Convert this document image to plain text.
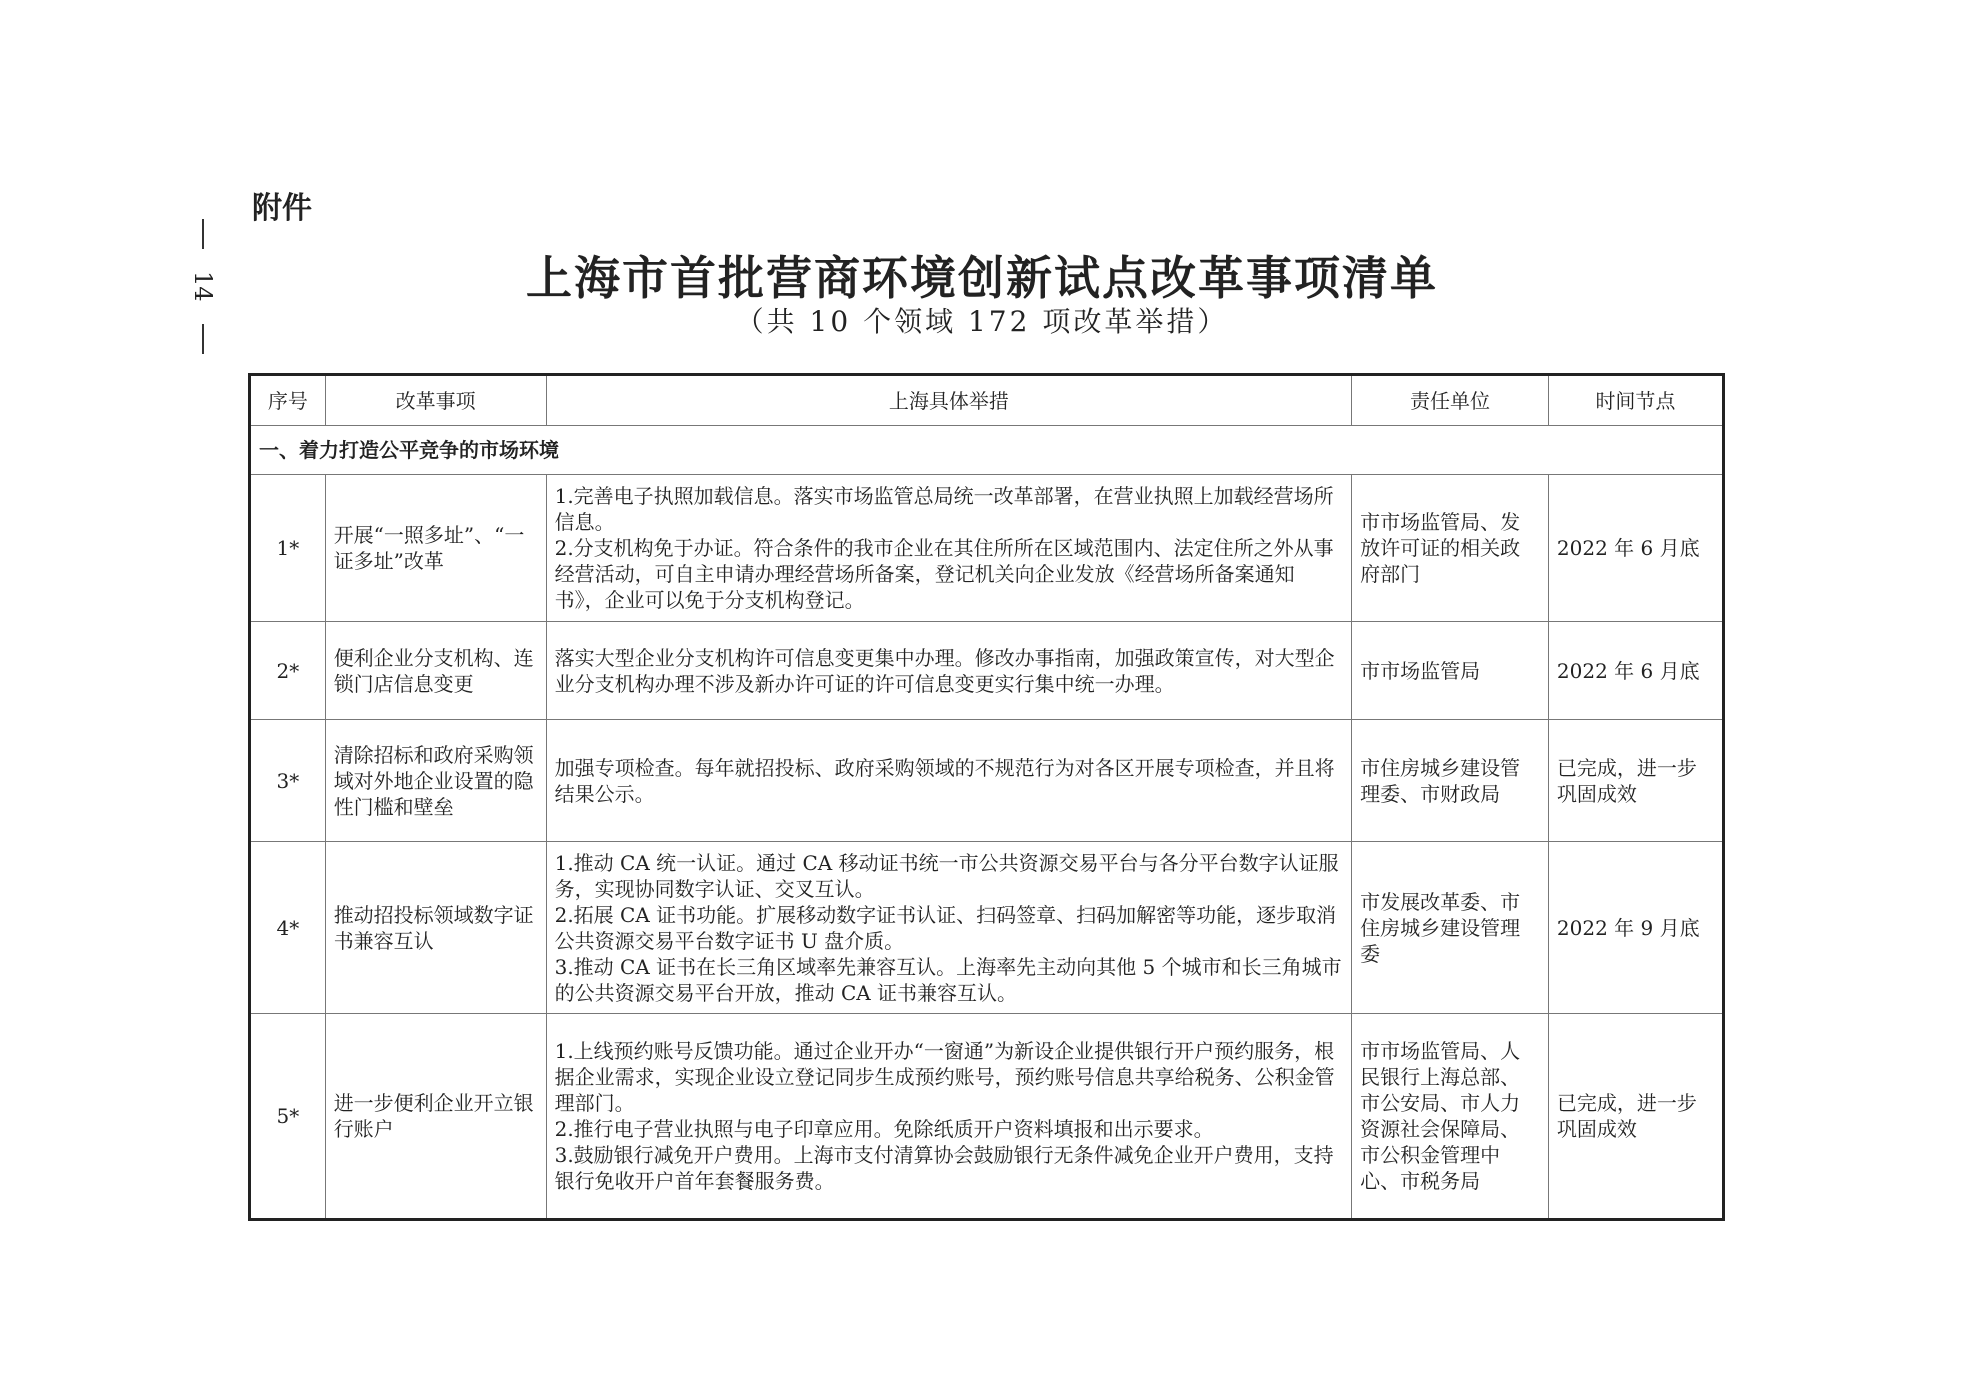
附件
14	上海市首批营商环境创新试点改革事项清单
（共 10 个领域 172 项改革举措）
序号	改革事项	上海具体举措	责任单位	时间节点
一、着力打造公平竞争的市场环境				
1*	开展“一照多址”、“一证多址”改革	1.完善电子执照加载信息。落实市场监管总局统一改革部署，在营业执照上加载经营场所信息。
2.分支机构免于办证。符合条件的我市企业在其住所所在区域范围内、法定住所之外从事经营活动，可自主申请办理经营场所备案，登记机关向企业发放《经营场所备案通知书》，企业可以免于分支机构登记。	市市场监管局、发放许可证的相关政府部门	2022 年 6 月底
2*	便利企业分支机构、连锁门店信息变更	落实大型企业分支机构许可信息变更集中办理。修改办事指南，加强政策宣传，对大型企业分支机构办理不涉及新办许可证的许可信息变更实行集中统一办理。	市市场监管局	2022 年 6 月底
3*	清除招标和政府采购领域对外地企业设置的隐性门槛和壁垒	加强专项检查。每年就招投标、政府采购领域的不规范行为对各区开展专项检查，并且将结果公示。	市住房城乡建设管理委、市财政局	已完成，进一步巩固成效
4*	推动招投标领域数字证书兼容互认	1.推动 CA 统一认证。通过 CA 移动证书统一市公共资源交易平台与各分平台数字认证服务，实现协同数字认证、交叉互认。
2.拓展 CA 证书功能。扩展移动数字证书认证、扫码签章、扫码加解密等功能，逐步取消公共资源交易平台数字证书 U 盘介质。
3.推动 CA 证书在长三角区域率先兼容互认。上海率先主动向其他 5 个城市和长三角城市的公共资源交易平台开放，推动 CA 证书兼容互认。	市发展改革委、市住房城乡建设管理委	2022 年 9 月底
5*	进一步便利企业开立银行账户	1.上线预约账号反馈功能。通过企业开办“一窗通”为新设企业提供银行开户预约服务，根据企业需求，实现企业设立登记同步生成预约账号，预约账号信息共享给税务、公积金管理部门。
2.推行电子营业执照与电子印章应用。免除纸质开户资料填报和出示要求。
3.鼓励银行减免开户费用。上海市支付清算协会鼓励银行无条件减免企业开户费用，支持银行免收开户首年套餐服务费。	市市场监管局、人民银行上海总部、市公安局、市人力资源社会保障局、市公积金管理中心、市税务局	已完成，进一步巩固成效
